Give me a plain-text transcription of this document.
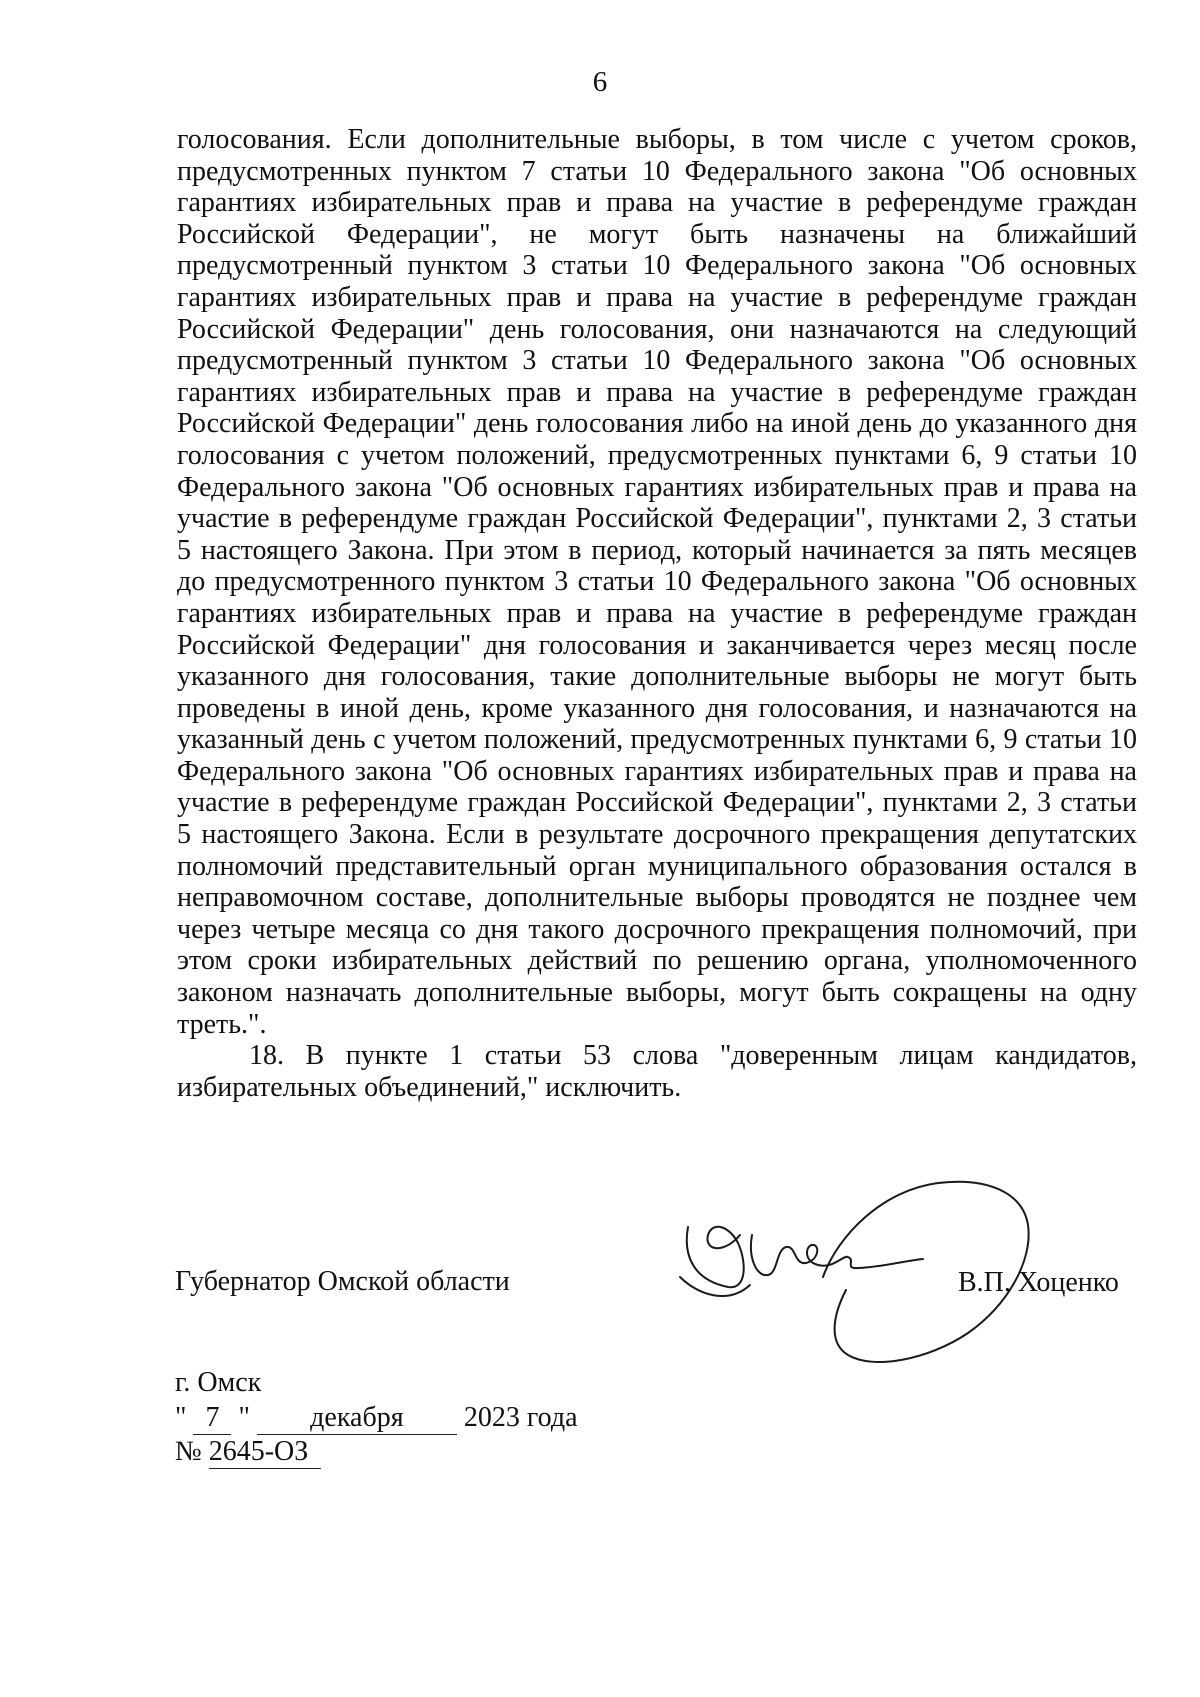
6

голосования. Если дополнительные выборы, в том числе с учетом сроков, предусмотренных пунктом 7 статьи 10 Федерального закона "Об основных гарантиях избирательных прав и права на участие в референдуме граждан Российской Федерации", не могут быть назначены на ближайший предусмотренный пунктом 3 статьи 10 Федерального закона "Об основных гарантиях избирательных прав и права на участие в референдуме граждан Российской Федерации" день голосования, они назначаются на следующий предусмотренный пунктом 3 статьи 10 Федерального закона "Об основных гарантиях избирательных прав и права на участие в референдуме граждан Российской Федерации" день голосования либо на иной день до указанного дня голосования с учетом положений, предусмотренных пунктами 6, 9 статьи 10 Федерального закона "Об основных гарантиях избирательных прав и права на участие в референдуме граждан Российской Федерации", пунктами 2, 3 статьи 5 настоящего Закона. При этом в период, который начинается за пять месяцев до предусмотренного пунктом 3 статьи 10 Федерального закона "Об основных гарантиях избирательных прав и права на участие в референдуме граждан Российской Федерации" дня голосования и заканчивается через месяц после указанного дня голосования, такие дополнительные выборы не могут быть проведены в иной день, кроме указанного дня голосования, и назначаются на указанный день с учетом положений, предусмотренных пунктами 6, 9 статьи 10 Федерального закона "Об основных гарантиях избирательных прав и права на участие в референдуме граждан Российской Федерации", пунктами 2, 3 статьи 5 настоящего Закона. Если в результате досрочного прекращения депутатских полномочий представительный орган муниципального образования остался в неправомочном составе, дополнительные выборы проводятся не позднее чем через четыре месяца со дня такого досрочного прекращения полномочий, при этом сроки избирательных действий по решению органа, уполномоченного законом назначать дополнительные выборы, могут быть сокращены на одну треть.".

18. В пункте 1 статьи 53 слова "доверенным лицам кандидатов, избирательных объединений," исключить.

Губернатор Омской области	В.П. Хоценко
г. Омск
" 7 " декабря 2023 года
№ 2645-ОЗ
